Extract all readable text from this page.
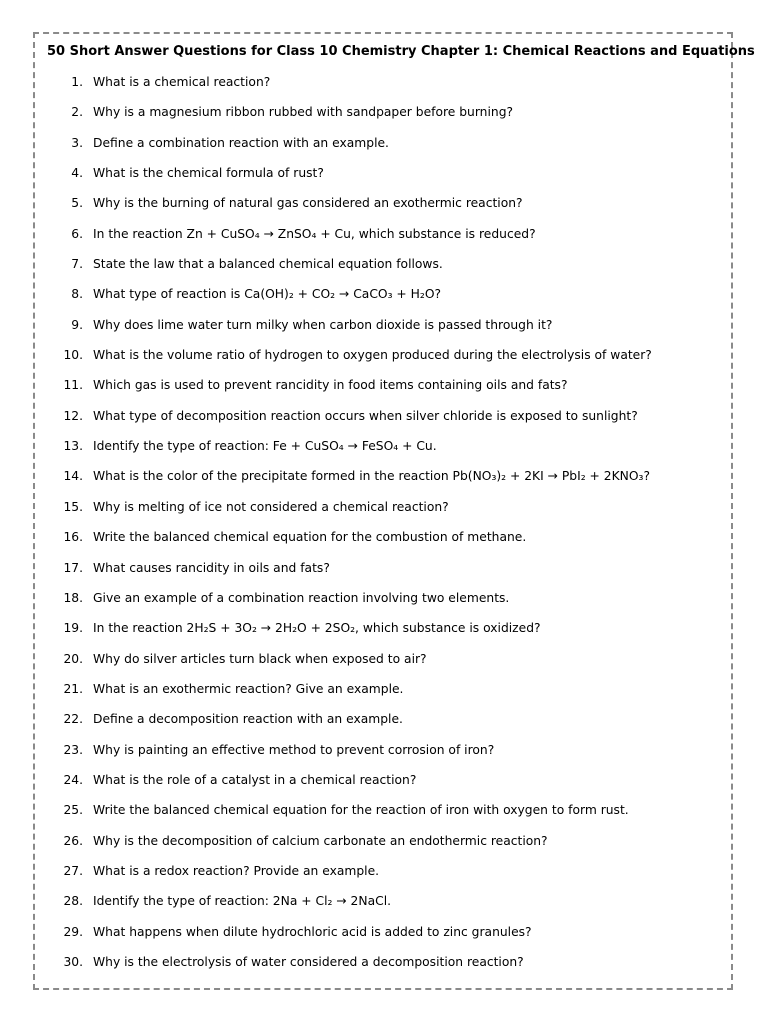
50 Short Answer Questions for Class 10 Chemistry Chapter 1: Chemical Reactions and Equations
1. What is a chemical reaction?
2. Why is a magnesium ribbon rubbed with sandpaper before burning?
3. Define a combination reaction with an example.
4. What is the chemical formula of rust?
5. Why is the burning of natural gas considered an exothermic reaction?
6. In the reaction Zn + CuSO₄ → ZnSO₄ + Cu, which substance is reduced?
7. State the law that a balanced chemical equation follows.
8. What type of reaction is Ca(OH)₂ + CO₂ → CaCO₃ + H₂O?
9. Why does lime water turn milky when carbon dioxide is passed through it?
10. What is the volume ratio of hydrogen to oxygen produced during the electrolysis of water?
11. Which gas is used to prevent rancidity in food items containing oils and fats?
12. What type of decomposition reaction occurs when silver chloride is exposed to sunlight?
13. Identify the type of reaction: Fe + CuSO₄ → FeSO₄ + Cu.
14. What is the color of the precipitate formed in the reaction Pb(NO₃)₂ + 2KI → PbI₂ + 2KNO₃?
15. Why is melting of ice not considered a chemical reaction?
16. Write the balanced chemical equation for the combustion of methane.
17. What causes rancidity in oils and fats?
18. Give an example of a combination reaction involving two elements.
19. In the reaction 2H₂S + 3O₂ → 2H₂O + 2SO₂, which substance is oxidized?
20. Why do silver articles turn black when exposed to air?
21. What is an exothermic reaction? Give an example.
22. Define a decomposition reaction with an example.
23. Why is painting an effective method to prevent corrosion of iron?
24. What is the role of a catalyst in a chemical reaction?
25. Write the balanced chemical equation for the reaction of iron with oxygen to form rust.
26. Why is the decomposition of calcium carbonate an endothermic reaction?
27. What is a redox reaction? Provide an example.
28. Identify the type of reaction: 2Na + Cl₂ → 2NaCl.
29. What happens when dilute hydrochloric acid is added to zinc granules?
30. Why is the electrolysis of water considered a decomposition reaction?
